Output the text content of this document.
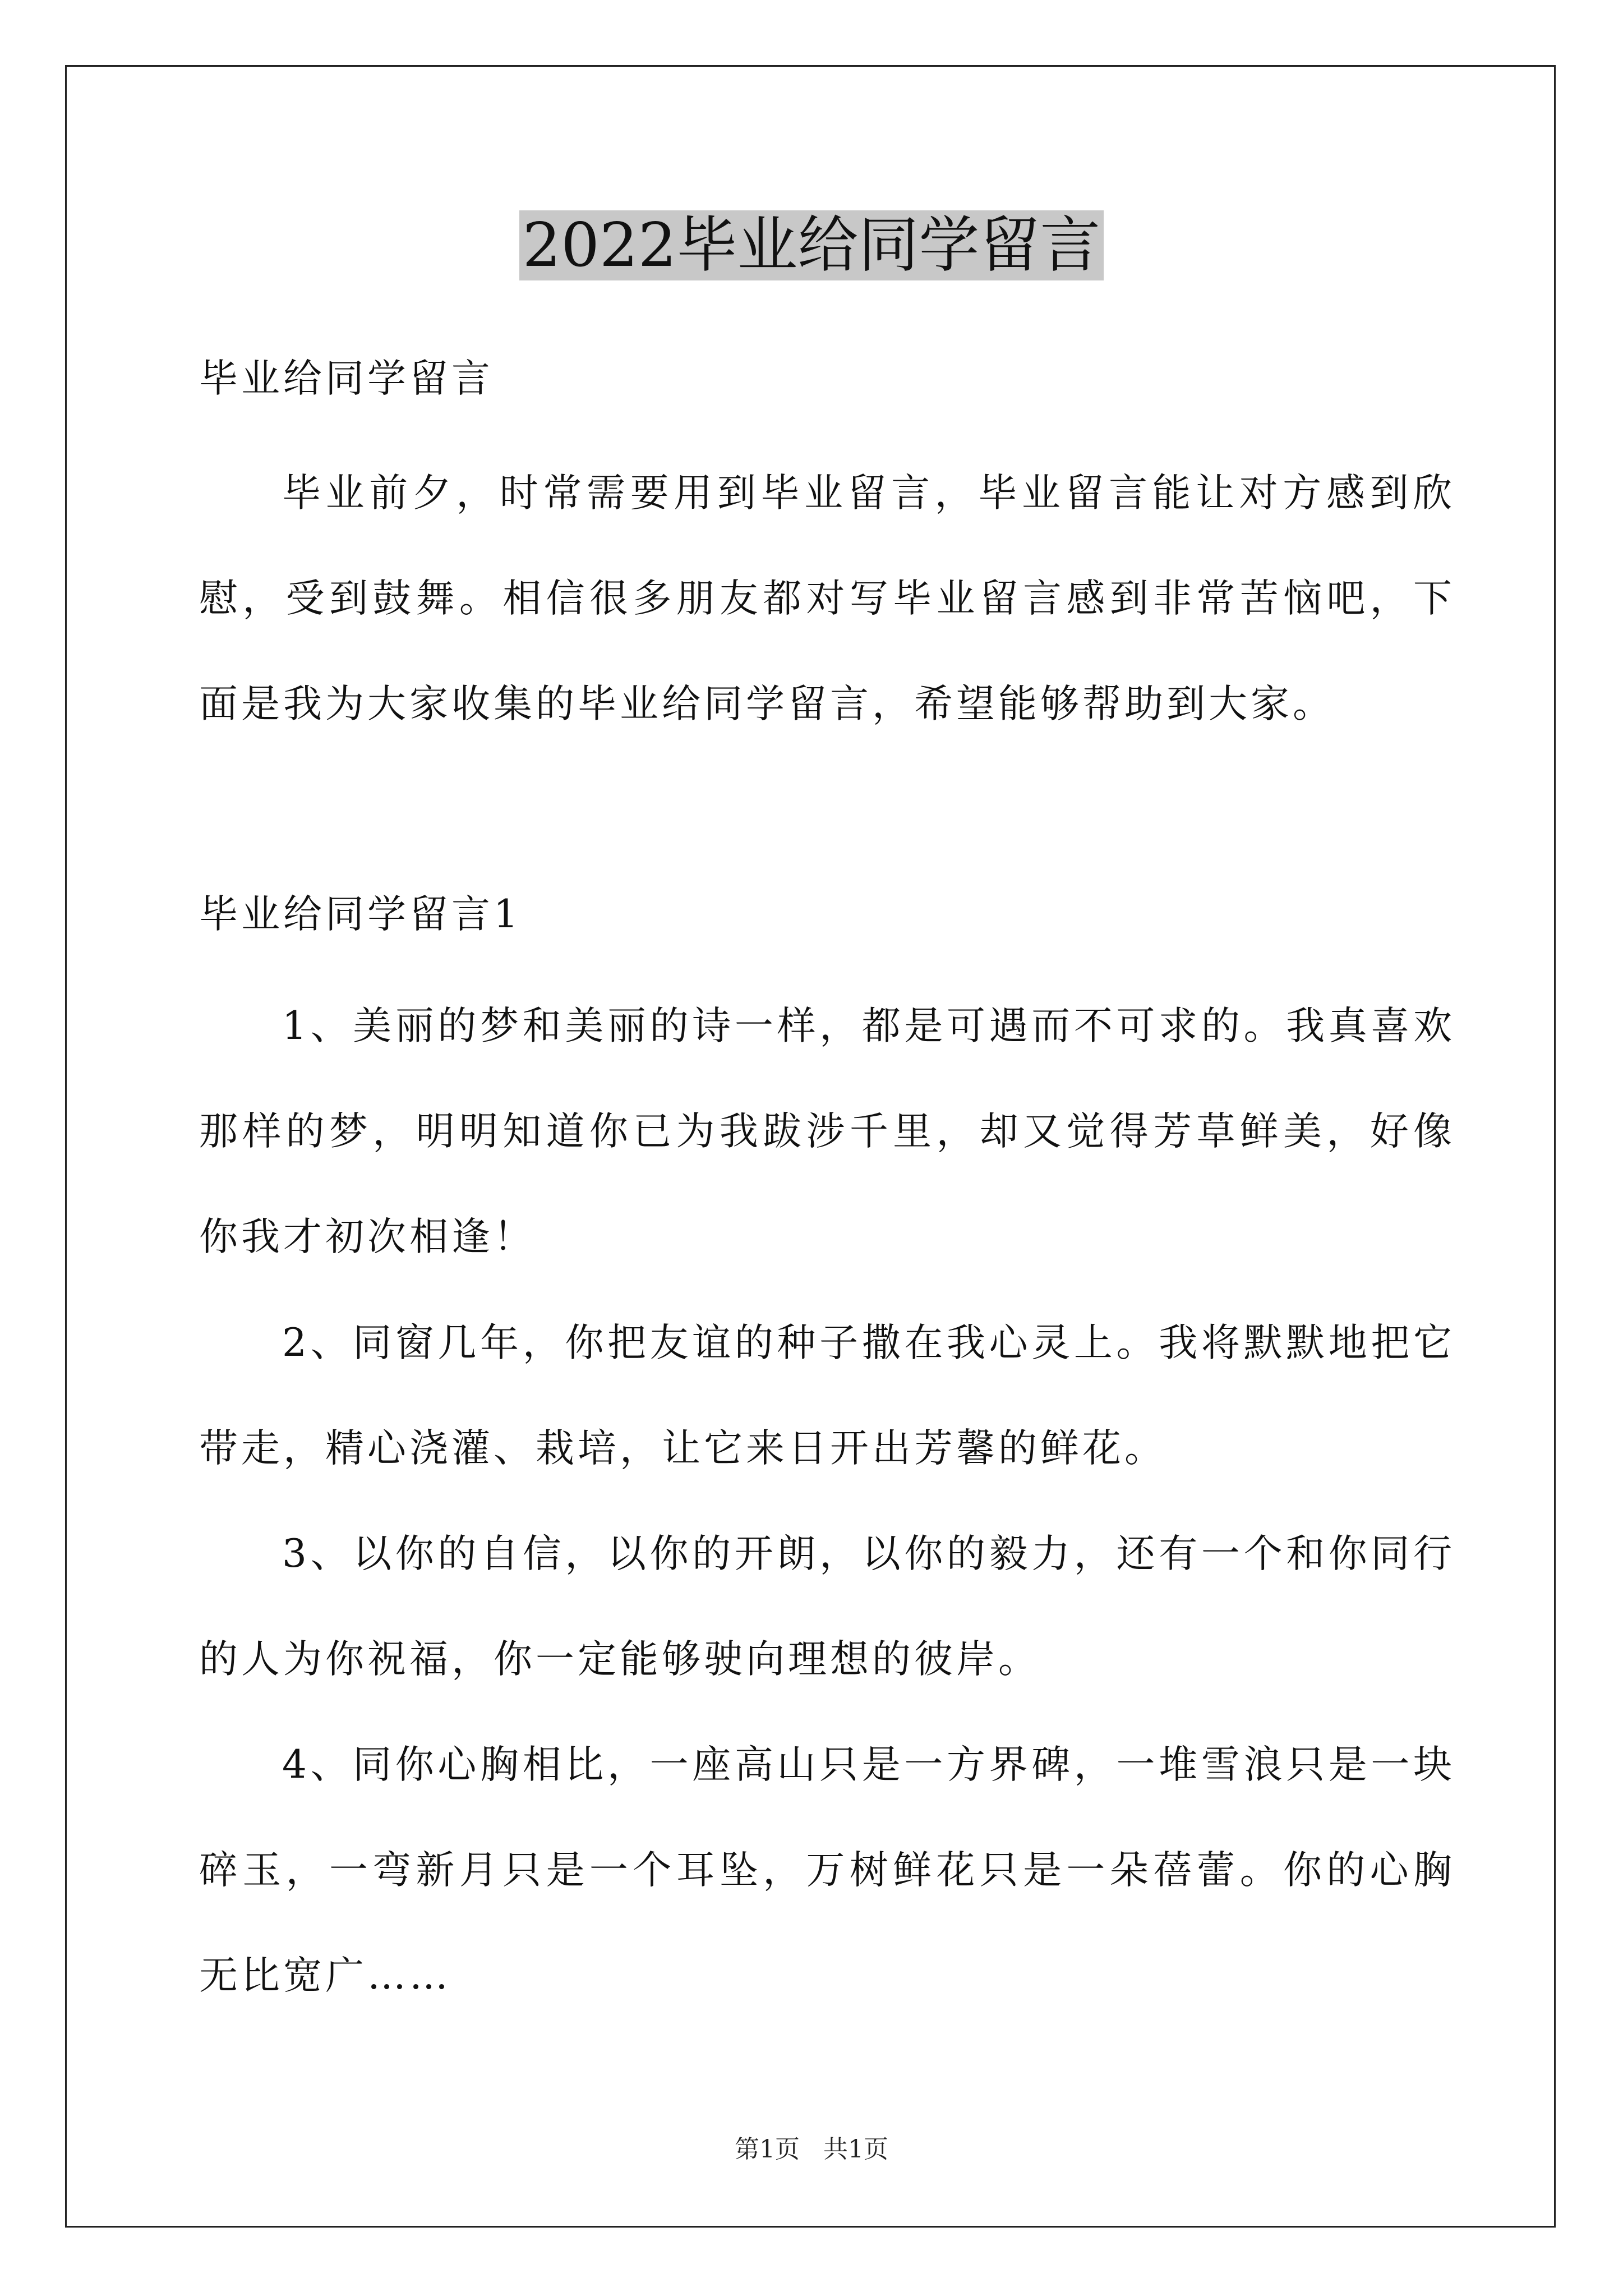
2022毕业给同学留言
毕业给同学留言

毕业前夕，时常需要用到毕业留言，毕业留言能让对方感到欣慰，受到鼓舞。相信很多朋友都对写毕业留言感到非常苦恼吧，下面是我为大家收集的毕业给同学留言，希望能够帮助到大家。

毕业给同学留言1

1、美丽的梦和美丽的诗一样，都是可遇而不可求的。我真喜欢那样的梦，明明知道你已为我跋涉千里，却又觉得芳草鲜美，好像你我才初次相逢！

2、同窗几年，你把友谊的种子撒在我心灵上。我将默默地把它带走，精心浇灌、栽培，让它来日开出芳馨的鲜花。

3、以你的自信，以你的开朗，以你的毅力，还有一个和你同行的人为你祝福，你一定能够驶向理想的彼岸。

4、同你心胸相比，一座高山只是一方界碑，一堆雪浪只是一块碎玉，一弯新月只是一个耳坠，万树鲜花只是一朵蓓蕾。你的心胸无比宽广……

第1页   共1页
